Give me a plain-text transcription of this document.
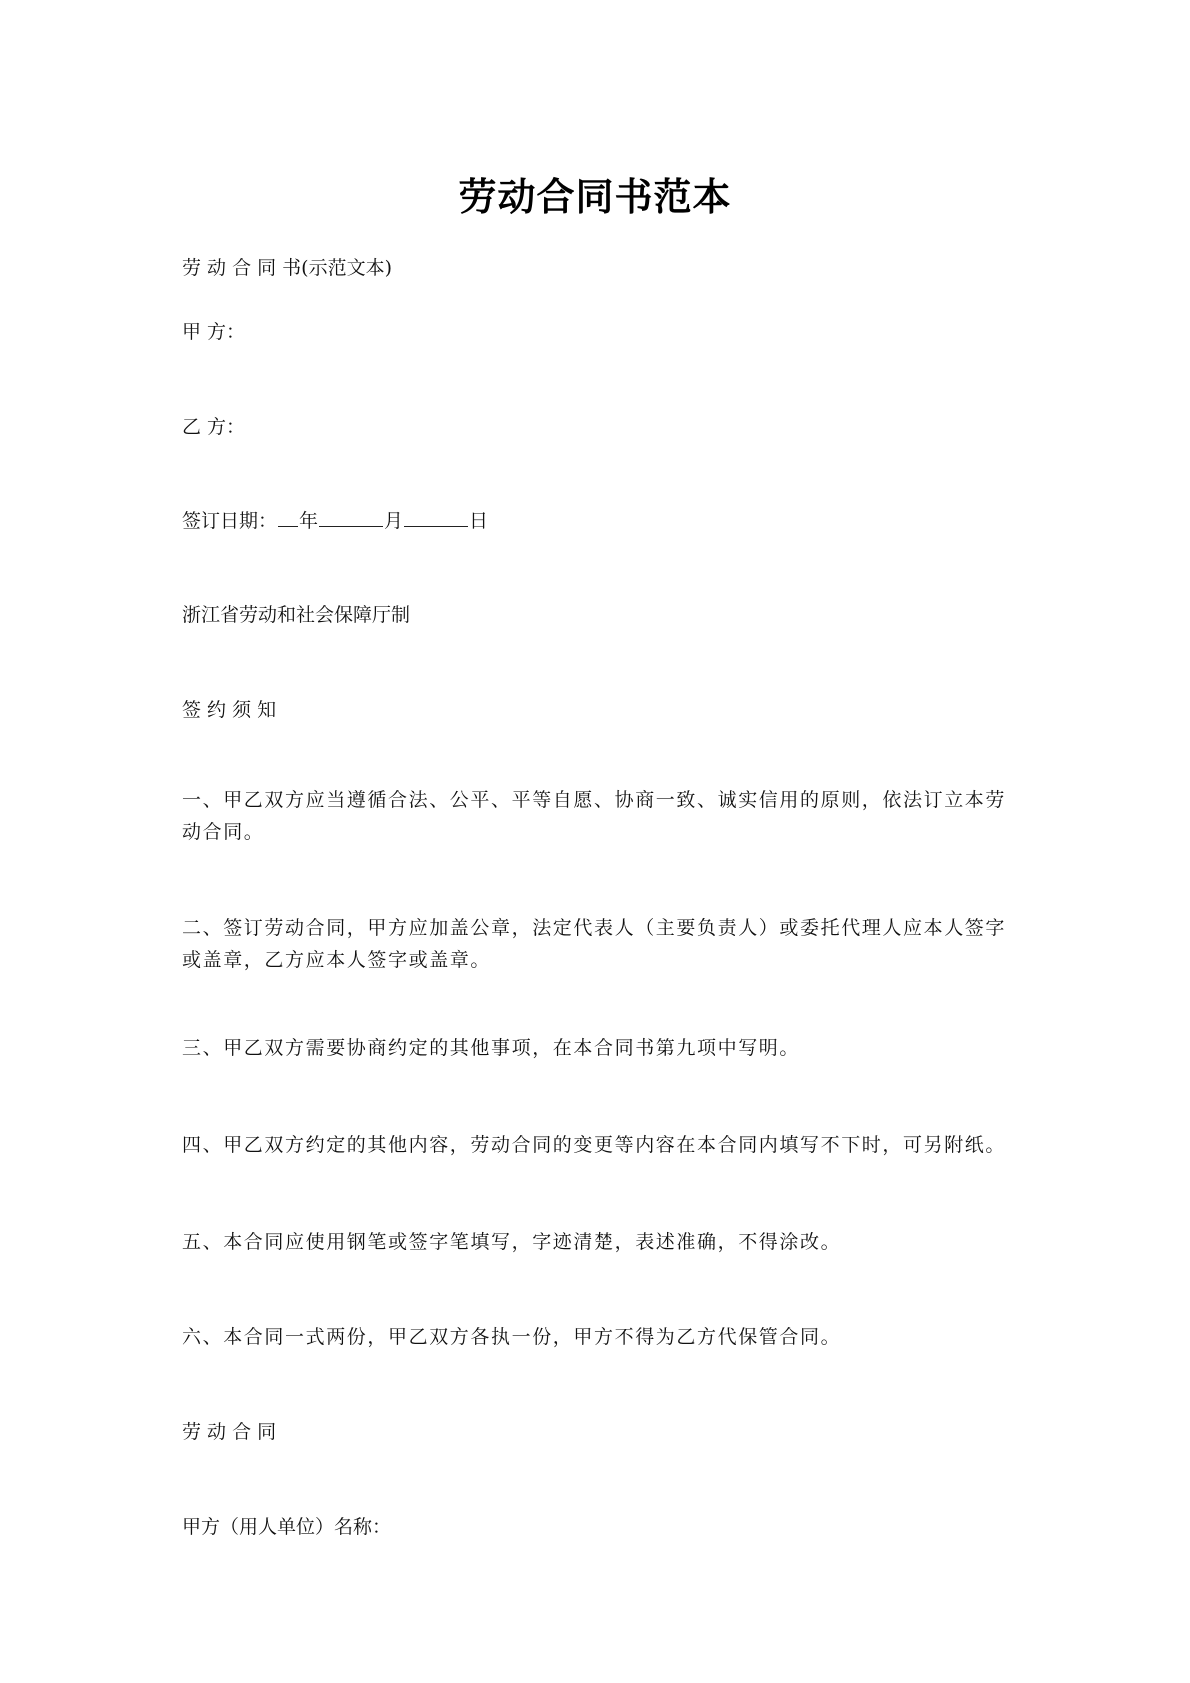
劳动合同书范本

劳 动 合 同 书(示范文本)

甲 方：

乙 方：

签订日期： 年	月	日

浙江省劳动和社会保障厅制

签 约 须 知

一、甲乙双方应当遵循合法、公平、平等自愿、协商一致、诚实信用的原则，依法订立本劳动合同。

二、签订劳动合同，甲方应加盖公章，法定代表人（主要负责人）或委托代理人应本人签字或盖章，乙方应本人签字或盖章。

三、甲乙双方需要协商约定的其他事项，在本合同书第九项中写明。

四、甲乙双方约定的其他内容，劳动合同的变更等内容在本合同内填写不下时，可另附纸。

五、本合同应使用钢笔或签字笔填写，字迹清楚，表述准确，不得涂改。

六、本合同一式两份，甲乙双方各执一份，甲方不得为乙方代保管合同。

劳 动 合 同

甲方（用人单位）名称：
